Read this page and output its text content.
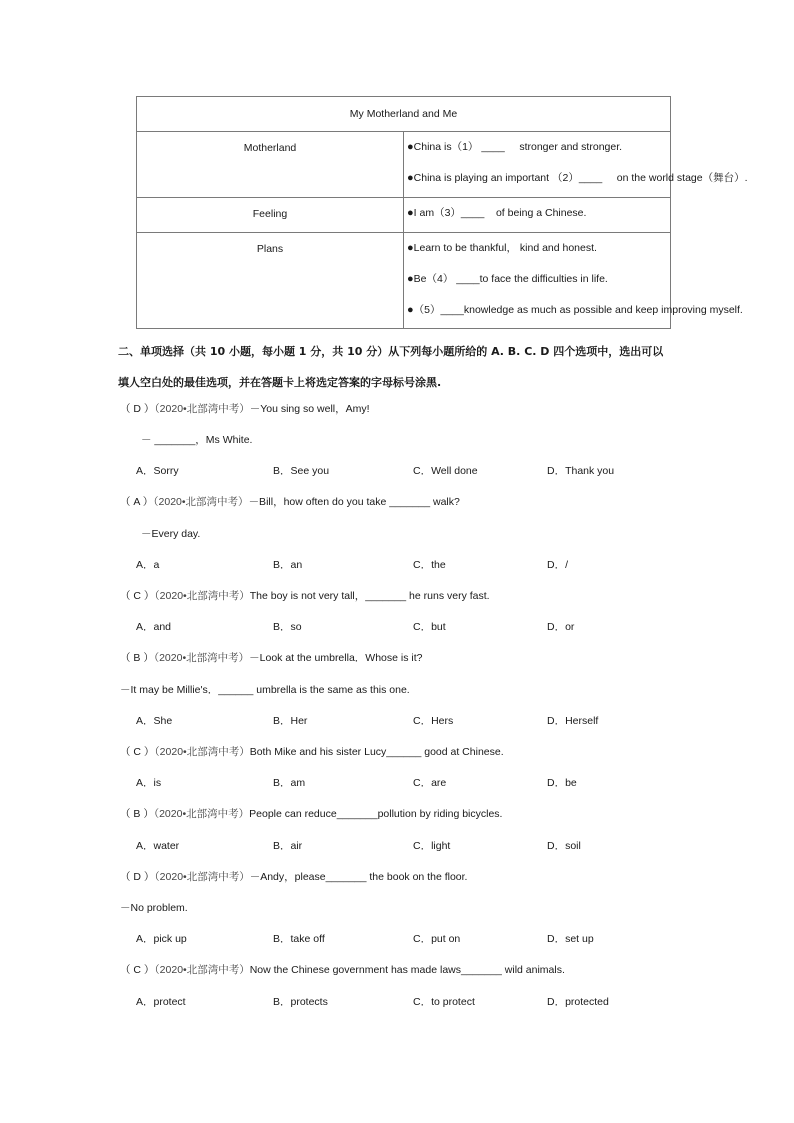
My Motherland and Me	

Motherland	●China is（1） ____ stronger and stronger.
●China is playing an important （2）____ on the world stage（舞台）.

Feeling	●I am（3）____ of being a Chinese.

Plans	●Learn to be thankful， kind and honest.
●Be（4） ____to face the difficulties in life.
●（5）____knowledge as much as possible and keep improving myself.
二、单项选择（共 10 小题，每小题 1 分，共 10 分）从下列每小题所给的 A. B. C. D 四个选项中，选出可以
填人空白处的最佳选项，并在答题卡上将选定答案的字母标号涂黑.
（ D ）（2020•北部湾中考）－You sing so well，Amy!
－ _______，Ms White.
A．Sorry	B．See you	C．Well done	D．Thank you
（ A ）（2020•北部湾中考）－Bill，how often do you take _______ walk?
－Every day.
A．a	B．an	C．the	D．/
（ C ）（2020•北部湾中考）The boy is not very tall，_______ he runs very fast.
A．and	B．so	C．but	D．or
（ B ）（2020•北部湾中考）－Look at the umbrella．Whose is it?
－It may be Millie's．______ umbrella is the same as this one.
A．She	B．Her	C．Hers	D．Herself
（ C ）（2020•北部湾中考）Both Mike and his sister Lucy______ good at Chinese.
A．is	B．am	C．are	D．be
（ B ）（2020•北部湾中考）People can reduce_______pollution by riding bicycles.
A．water	B．air	C．light	D．soil
（ D ）（2020•北部湾中考）－Andy，please_______ the book on the floor.
－No problem.
A．pick up	B．take off	C．put on	D．set up
（ C ）（2020•北部湾中考）Now the Chinese government has made laws_______ wild animals.
A．protect	B．protects	C．to protect	D．protected
